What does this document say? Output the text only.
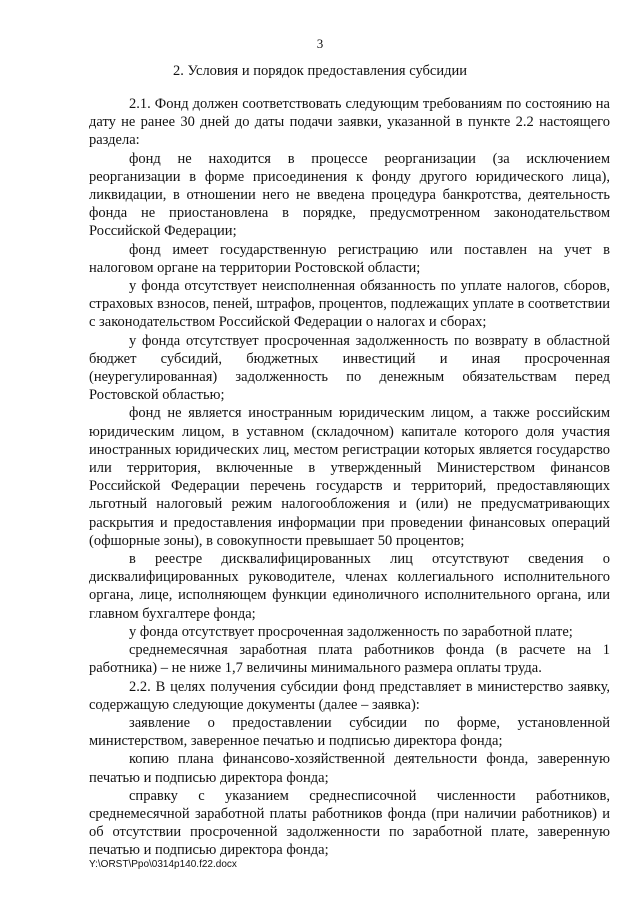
3
2. Условия и порядок предоставления субсидии

2.1. Фонд должен соответствовать следующим требованиям по состоянию на дату не ранее 30 дней до даты подачи заявки, указанной в пункте 2.2 настоящего раздела:

фонд не находится в процессе реорганизации (за исключением реорганизации в форме присоединения к фонду другого юридического лица), ликвидации, в отношении него не введена процедура банкротства, деятельность фонда не приостановлена в порядке, предусмотренном законодательством Российской Федерации;

фонд имеет государственную регистрацию или поставлен на учет в налоговом органе на территории Ростовской области;

у фонда отсутствует неисполненная обязанность по уплате налогов, сборов, страховых взносов, пеней, штрафов, процентов, подлежащих уплате в соответствии с законодательством Российской Федерации о налогах и сборах;

у фонда отсутствует просроченная задолженность по возврату в областной бюджет субсидий, бюджетных инвестиций и иная просроченная (неурегулированная) задолженность по денежным обязательствам перед Ростовской областью;

фонд не является иностранным юридическим лицом, а также российским юридическим лицом, в уставном (складочном) капитале которого доля участия иностранных юридических лиц, местом регистрации которых является государство или территория, включенные в утвержденный Министерством финансов Российской Федерации перечень государств и территорий, предоставляющих льготный налоговый режим налогообложения и (или) не предусматривающих раскрытия и предоставления информации при проведении финансовых операций (офшорные зоны), в совокупности превышает 50 процентов;

в реестре дисквалифицированных лиц отсутствуют сведения о дисквалифицированных руководителе, членах коллегиального исполнительного органа, лице, исполняющем функции единоличного исполнительного органа, или главном бухгалтере фонда;

у фонда отсутствует просроченная задолженность по заработной плате;

среднемесячная заработная плата работников фонда (в расчете на 1 работника) – не ниже 1,7 величины минимального размера оплаты труда.

2.2. В целях получения субсидии фонд представляет в министерство заявку, содержащую следующие документы (далее – заявка):

заявление о предоставлении субсидии по форме, установленной министерством, заверенное печатью и подписью директора фонда;

копию плана финансово-хозяйственной деятельности фонда, заверенную печатью и подписью директора фонда;

справку с указанием среднесписочной численности работников, среднемесячной заработной платы работников фонда (при наличии работников) и об отсутствии просроченной задолженности по заработной плате, заверенную печатью и подписью директора фонда;

Y:\ORST\Ppo\0314p140.f22.docx
